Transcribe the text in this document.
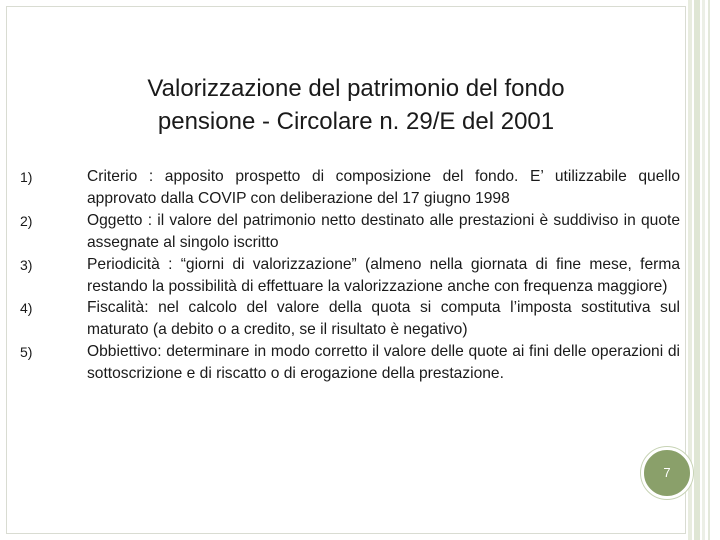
Valorizzazione del patrimonio del fondo
pensione - Circolare n. 29/E del 2001
1)	Criterio : apposito prospetto di composizione del fondo. E’ utilizzabile quello approvato dalla COVIP con deliberazione del 17 giugno 1998
2)	Oggetto : il valore del patrimonio netto destinato alle prestazioni è suddiviso in quote assegnate al singolo iscritto
3)	Periodicità : “giorni di valorizzazione” (almeno nella giornata di fine mese, ferma restando la possibilità di effettuare la valorizzazione anche con frequenza maggiore)
4)	Fiscalità: nel calcolo del valore della quota si computa l’imposta sostitutiva sul maturato (a debito o a credito, se il risultato è negativo)
5)	Obbiettivo: determinare in modo corretto il valore delle quote ai fini delle operazioni di sottoscrizione e di riscatto o di erogazione della prestazione.
7
